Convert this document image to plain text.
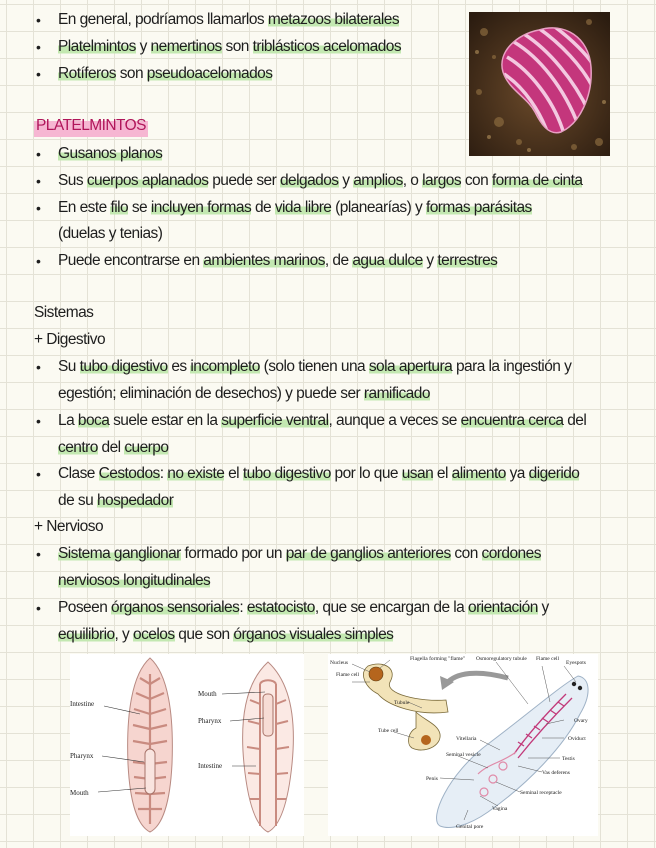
• En general, podríamos llamarlos metazoos bilaterales
• Platelmintos y nemertinos son triblásticos acelomados
• Rotíferos son pseudoacelomados
PLATELMINTOS
• Gusanos planos
• Sus cuerpos aplanados puede ser delgados y amplios, o largos con forma de cinta
• En este filo se incluyen formas de vida libre (planearías) y formas parásitas
(duelas y tenias)
• Puede encontrarse en ambientes marinos, de agua dulce y terrestres
Sistemas
+ Digestivo
• Su tubo digestivo es incompleto (solo tienen una sola apertura para la ingestión y
egestión; eliminación de desechos) y puede ser ramificado
• La boca suele estar en la superficie ventral, aunque a veces se encuentra cerca del
centro del cuerpo
• Clase Cestodos: no existe el tubo digestivo por lo que usan el alimento ya digerido
de su hospedador
+ Nervioso
• Sistema ganglionar formado por un par de ganglios anteriores con cordones
nerviosos longitudinales
• Poseen órganos sensoriales: estatocisto, que se encargan de la orientación y
equilibrio, y ocelos que son órganos visuales simples
Intestine
Pharynx
Mouth
Mouth
Pharynx
Intestine
Nucleus
Flagella forming "flame"
Flame cell
Tubule
Tube cell
Osmoregulatory tubule Flame cell
Eyespots
Ovary
Oviduct
Vitellaria
Testis
Seminal vesicle
Penis
Vas deferens
Seminal receptacle
Vagina
Genital pore
